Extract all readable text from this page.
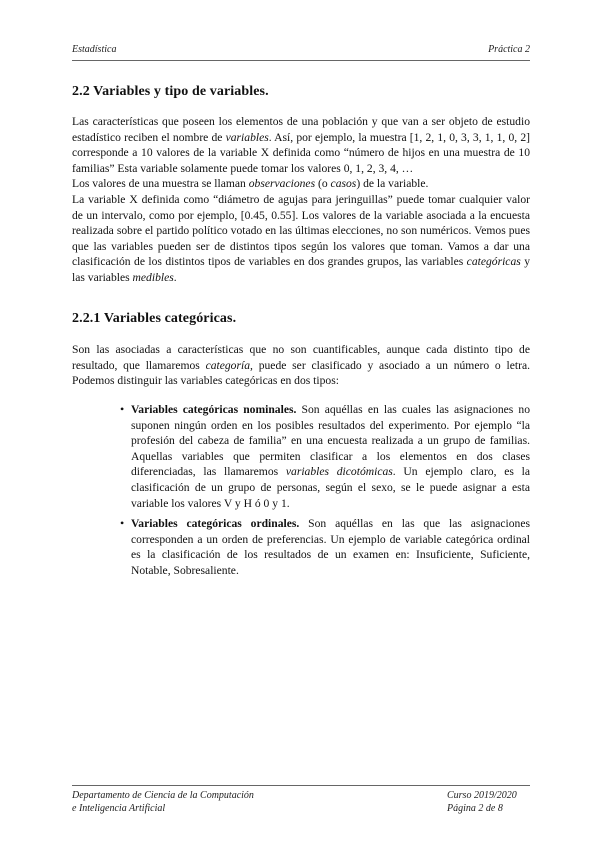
Estadística	Práctica 2
2.2 Variables y tipo de variables.

Las características que poseen los elementos de una población y que van a ser objeto de estudio estadístico reciben el nombre de variables. Así, por ejemplo, la muestra [1, 2, 1, 0, 3, 3, 1, 1, 0, 2] corresponde a 10 valores de la variable X definida como “número de hijos en una muestra de 10 familias” Esta variable solamente puede tomar los valores 0, 1, 2, 3, 4, …

Los valores de una muestra se llaman observaciones (o casos) de la variable.

La variable X definida como “diámetro de agujas para jeringuillas” puede tomar cualquier valor de un intervalo, como por ejemplo, [0.45, 0.55]. Los valores de la variable asociada a la encuesta realizada sobre el partido político votado en las últimas elecciones, no son numéricos. Vemos pues que las variables pueden ser de distintos tipos según los valores que toman. Vamos a dar una clasificación de los distintos tipos de variables en dos grandes grupos, las variables categóricas y las variables medibles.

2.2.1 Variables categóricas.

Son las asociadas a características que no son cuantificables, aunque cada distinto tipo de resultado, que llamaremos categoría, puede ser clasificado y asociado a un número o letra. Podemos distinguir las variables categóricas en dos tipos:

• Variables categóricas nominales. Son aquéllas en las cuales las asignaciones no suponen ningún orden en los posibles resultados del experimento. Por ejemplo “la profesión del cabeza de familia” en una encuesta realizada a un grupo de familias. Aquellas variables que permiten clasificar a los elementos en dos clases diferenciadas, las llamaremos variables dicotómicas. Un ejemplo claro, es la clasificación de un grupo de personas, según el sexo, se le puede asignar a esta variable los valores V y H ó 0 y 1.

• Variables categóricas ordinales. Son aquéllas en las que las asignaciones corresponden a un orden de preferencias. Un ejemplo de variable categórica ordinal es la clasificación de los resultados de un examen en: Insuficiente, Suficiente, Notable, Sobresaliente.

Departamento de Ciencia de la Computación
e Inteligencia Artificial
Curso 2019/2020
Página 2 de 8
